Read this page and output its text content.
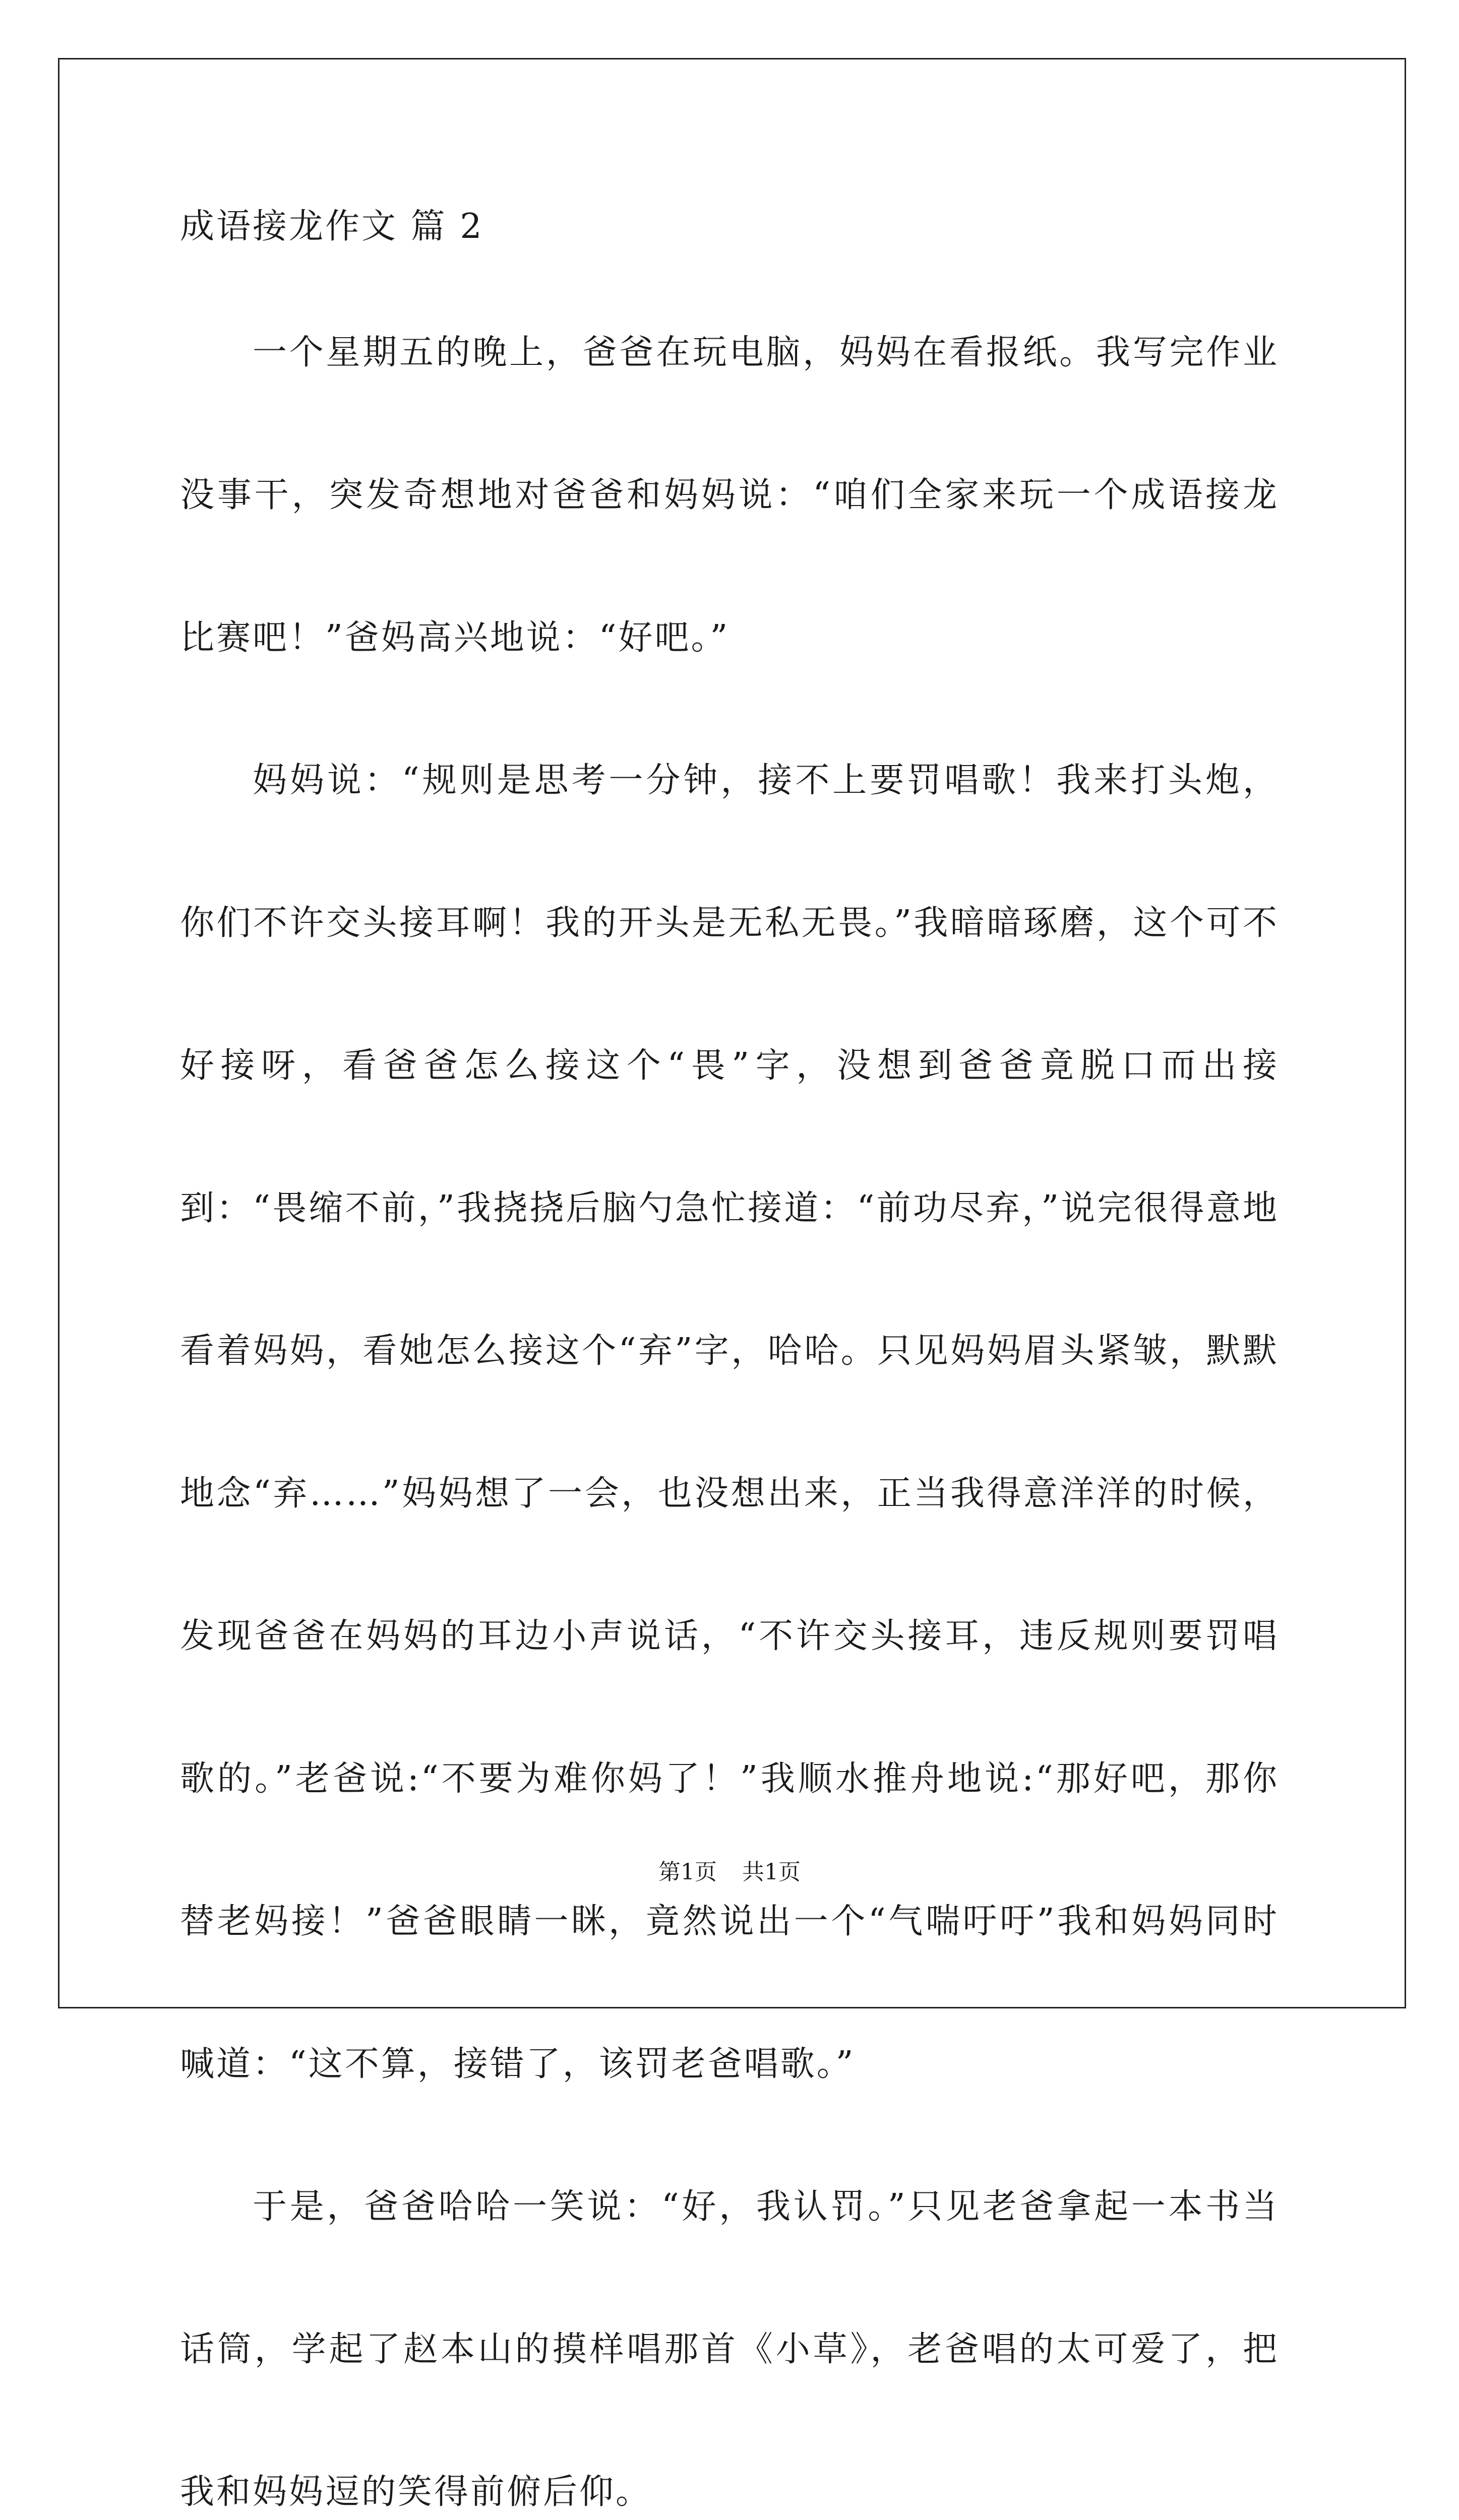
成语接龙作文 篇 2

一个星期五的晚上，爸爸在玩电脑，妈妈在看报纸。我写完作业没事干，突发奇想地对爸爸和妈妈说：“咱们全家来玩一个成语接龙比赛吧！”爸妈高兴地说：“好吧。”

妈妈说：“规则是思考一分钟，接不上要罚唱歌！我来打头炮，你们不许交头接耳啊！我的开头是无私无畏。”我暗暗琢磨，这个可不好接呀，看爸爸怎么接这个“畏”字，没想到爸爸竟脱口而出接到：“畏缩不前，”我挠挠后脑勺急忙接道：“前功尽弃，”说完很得意地看着妈妈，看她怎么接这个“弃”字，哈哈。只见妈妈眉头紧皱，默默地念“弃……”妈妈想了一会，也没想出来，正当我得意洋洋的时候，发现爸爸在妈妈的耳边小声说话，“不许交头接耳，违反规则要罚唱歌的。”老爸说:“不要为难你妈了！”我顺水推舟地说:“那好吧，那你替老妈接！”爸爸眼睛一眯，竟然说出一个“气喘吁吁”我和妈妈同时喊道：“这不算，接错了，该罚老爸唱歌。”

于是，爸爸哈哈一笑说：“好，我认罚。”只见老爸拿起一本书当话筒，学起了赵本山的摸样唱那首《小草》，老爸唱的太可爱了，把我和妈妈逗的笑得前俯后仰。

第1页 共1页
